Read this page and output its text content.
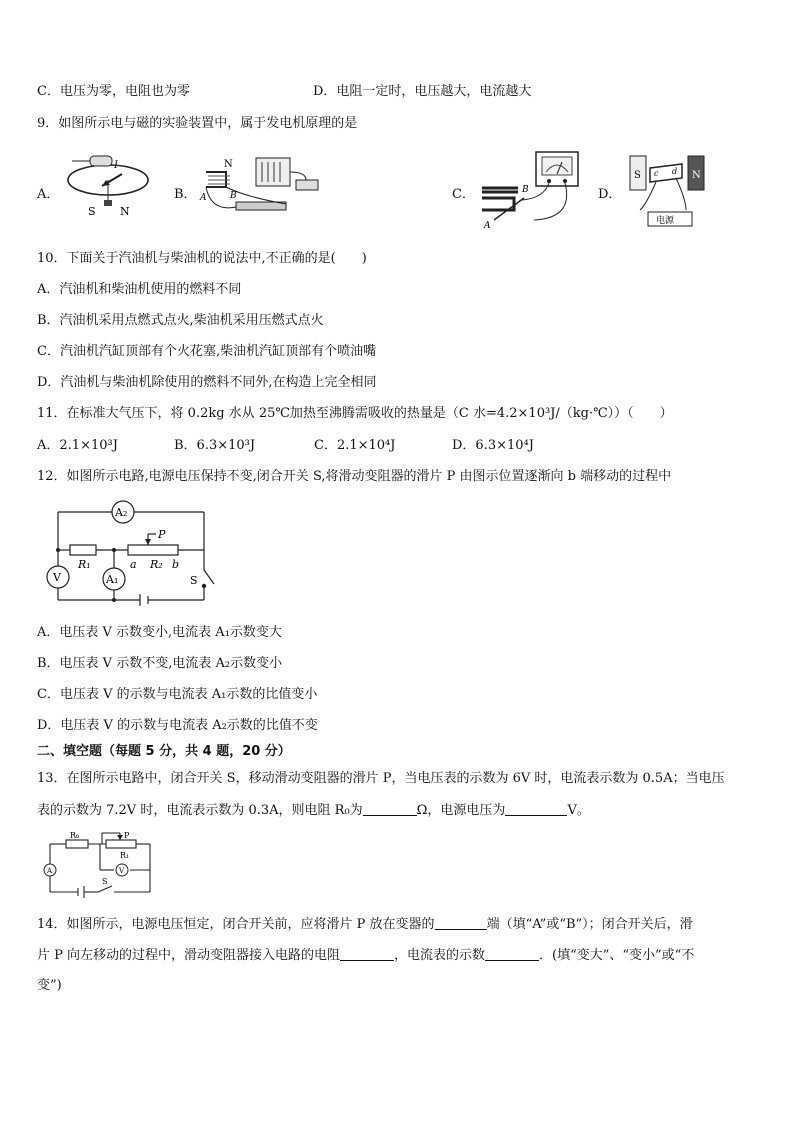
C．电压为零，电阻也为零	D．电阻一定时，电压越大，电流越大
9．如图所示电与磁的实验装置中，属于发电机原理的是
A．
I
S N
B．
N
A	B	C．	B
A
D．
S	N
c d
电源
10．下面关于汽油机与柴油机的说法中,不正确的是(　　)
A．汽油机和柴油机使用的燃料不同
B．汽油机采用点燃式点火,柴油机采用压燃式点火
C．汽油机汽缸顶部有个火花塞,柴油机汽缸顶部有个喷油嘴
D．汽油机与柴油机除使用的燃料不同外,在构造上完全相同
11．在标准大气压下，将 0.2kg 水从 25℃加热至沸腾需吸收的热量是（C 水=4.2×10³J/（kg·℃））（　　）
A．2.1×10³J	B．6.3×10³J	C．2.1×10⁴J	D．6.3×10⁴J
12．如图所示电路,电源电压保持不变,闭合开关 S,将滑动变阻器的滑片 P 由图示位置逐渐向 b 端移动的过程中
A₂
V	A₁
P
R₁	a R₂ b
S
A．电压表 V 示数变小,电流表 A₁示数变大
B．电压表 V 示数不变,电流表 A₂示数变小
C．电压表 V 的示数与电流表 A₁示数的比值变小
D．电压表 V 的示数与电流表 A₂示数的比值不变
二、填空题（每题 5 分，共 4 题，20 分）
13．在图所示电路中，闭合开关 S，移动滑动变阻器的滑片 P，当电压表的示数为 6V 时，电流表示数为 0.5A；当电压
表的示数为 7.2V 时，电流表示数为 0.3A，则电阻 R₀为	Ω，电源电压为	V。
R₀
R₁
P
A	V
S
14．如图所示，电源电压恒定，闭合开关前，应将滑片 P 放在变器的	端（填“A”或“B”）；闭合开关后，滑
片 P 向左移动的过程中，滑动变阻器接入电路的电阻	，电流表的示数	．(填“变大”、“变小”或“不
变”)
